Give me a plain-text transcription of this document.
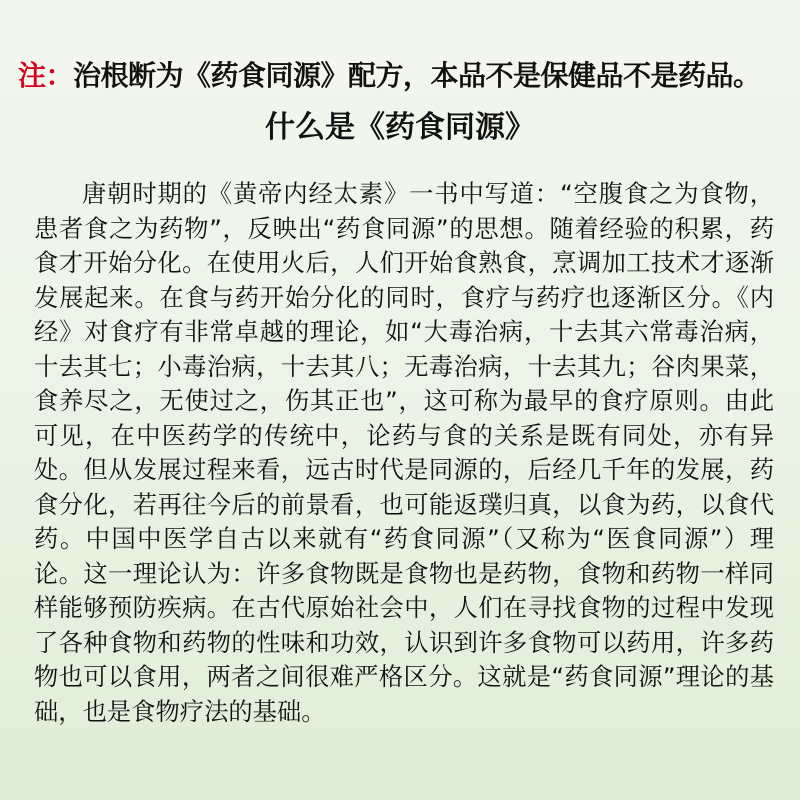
注：治根断为《药食同源》配方，本品不是保健品不是药品。
什么是《药食同源》

唐朝时期的《黄帝内经太素》一书中写道：“空腹食之为食物，患者食之为药物”，反映出“药食同源”的思想。随着经验的积累，药食才开始分化。在使用火后，人们开始食熟食，烹调加工技术才逐渐发展起来。在食与药开始分化的同时，食疗与药疗也逐渐区分。《内经》对食疗有非常卓越的理论，如“大毒治病，十去其六常毒治病，十去其七；小毒治病，十去其八；无毒治病，十去其九；谷肉果菜，食养尽之，无使过之，伤其正也”，这可称为最早的食疗原则。由此可见，在中医药学的传统中，论药与食的关系是既有同处，亦有异处。但从发展过程来看，远古时代是同源的，后经几千年的发展，药食分化，若再往今后的前景看，也可能返璞归真，以食为药，以食代药。中国中医学自古以来就有“药食同源”（又称为“医食同源”）理论。这一理论认为：许多食物既是食物也是药物，食物和药物一样同样能够预防疾病。在古代原始社会中，人们在寻找食物的过程中发现了各种食物和药物的性味和功效，认识到许多食物可以药用，许多药物也可以食用，两者之间很难严格区分。这就是“药食同源”理论的基础，也是食物疗法的基础。
